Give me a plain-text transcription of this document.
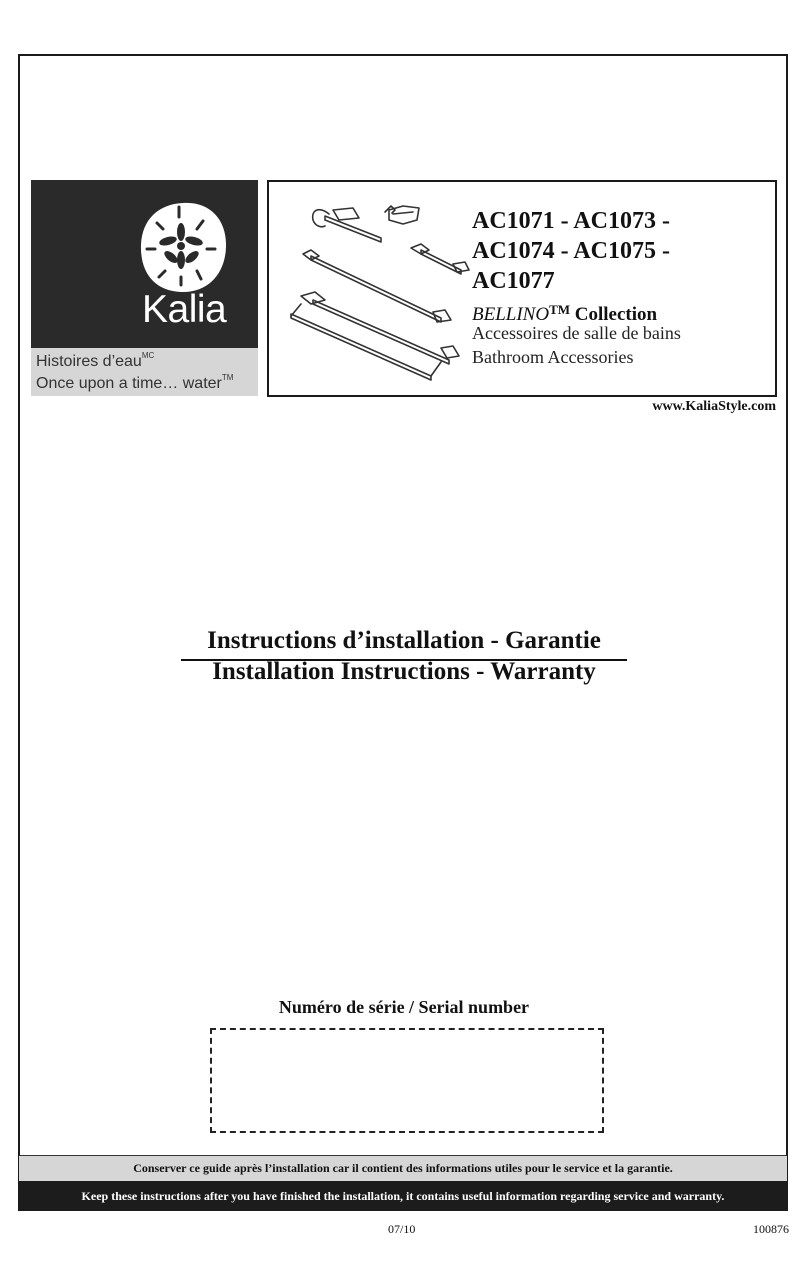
Kalia
Histoires d’eau$^{MC}$
Once upon a time… water™
AC1071 - AC1073 -
AC1074 - AC1075 -
AC1077
BELLINO™ Collection
Accessoires de salle de bains
Bathroom Accessories
www.KaliaStyle.com
Instructions d’installation - Garantie
Installation Instructions - Warranty
Numéro de série / Serial number
Conserver ce guide après l’installation car il contient des informations utiles pour le service et la garantie.
Keep these instructions after you have finished the installation, it contains useful information regarding service and warranty.
07/10	100876
